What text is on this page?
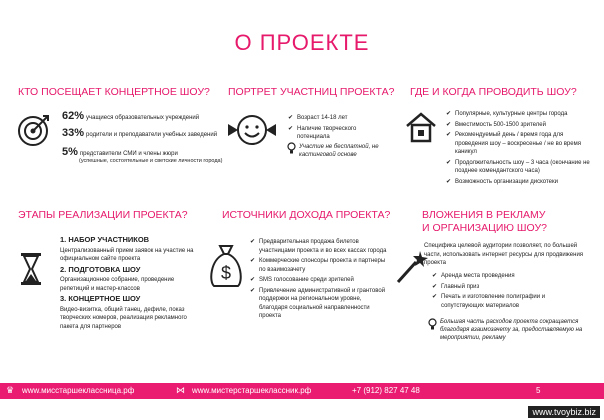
О ПРОЕКТЕ
КТО ПОСЕЩАЕТ КОНЦЕРТНОЕ ШОУ?
62% учащиеся образовательных учреждений
33% родители и преподаватели учебных заведений
5% представители СМИ и члены жюри
(успешные, состоятельные и светские личности города)
ПОРТРЕТ УЧАСТНИЦ ПРОЕКТА?
✔ Возраст 14-18 лет
✔ Наличие творческого потенциала
Участие не бесплатной, не кастинговой основе
ГДЕ И КОГДА ПРОВОДИТЬ ШОУ?
✔ Популярные, культурные центры города
✔ Вместимость 500-1500 зрителей
✔ Рекомендуемый день / время года для проведения шоу – воскресенье / не во время каникул
✔ Продолжительность шоу – 3 часа (окончание не позднее комендантского часа)
✔ Возможность организации дискотеки
ЭТАПЫ РЕАЛИЗАЦИИ ПРОЕКТА?
1. НАБОР УЧАСТНИКОВ
Централизованный прием заявок на участие на официальном сайте проекта
2. ПОДГОТОВКА ШОУ
Организационное собрание, проведение репетиций и мастер-классов
3. КОНЦЕРТНОЕ ШОУ
Видео-визитка, общий танец, дефиле, показ творческих номеров, реализация рекламного пакета для партнеров
ИСТОЧНИКИ ДОХОДА ПРОЕКТА?
$
✔ Предварительная продажа билетов участницами проекта и во всех кассах города
✔ Коммерческие спонсоры проекта и партнеры по взаимозачету
✔ SMS голосование среди зрителей
✔ Привлечение административной и грантовой поддержки на региональном уровне, благодаря социальной направленности проекта
ВЛОЖЕНИЯ В РЕКЛАМУ
И ОРГАНИЗАЦИЮ ШОУ?
Специфика целевой аудитории позволяет, по большей части, использовать интернет ресурсы для продвижения проекта
✔ Аренда места проведения
✔ Главный приз
✔ Печать и изготовление полиграфии и сопутствующих материалов
Большая часть расходов проекта сокращается благодаря взаимозачету за, предоставляемую на мероприятии, рекламу
♛ www.мисстаршеклассница.рф	⋈ www.мистерстаршеклассник.рф	+7 (912) 827 47 48	5
www.tvoybiz.biz
